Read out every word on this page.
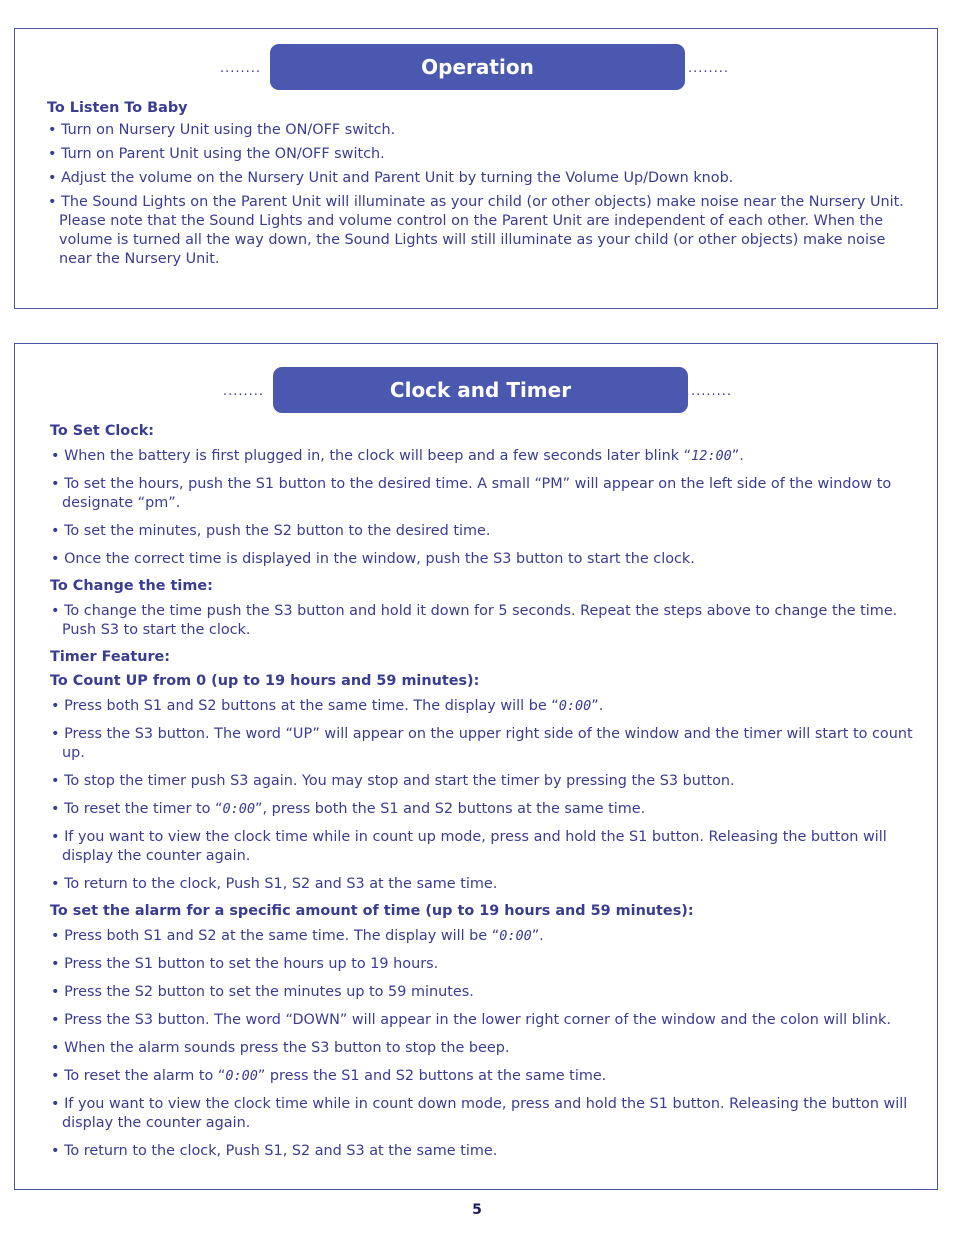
........	Operation	........

To Listen To Baby

• Turn on Nursery Unit using the ON/OFF switch.

• Turn on Parent Unit using the ON/OFF switch.

• Adjust the volume on the Nursery Unit and Parent Unit by turning the Volume Up/Down knob.

• The Sound Lights on the Parent Unit will illuminate as your child (or other objects) make noise near the Nursery Unit. Please note that the Sound Lights and volume control on the Parent Unit are independent of each other. When the volume is turned all the way down, the Sound Lights will still illuminate as your child (or other objects) make noise near the Nursery Unit.

........	Clock and Timer	........

To Set Clock:

• When the battery is first plugged in, the clock will beep and a few seconds later blink “12:00”.

• To set the hours, push the S1 button to the desired time. A small “PM” will appear on the left side of the window to designate “pm”.

• To set the minutes, push the S2 button to the desired time.

• Once the correct time is displayed in the window, push the S3 button to start the clock.

To Change the time:

• To change the time push the S3 button and hold it down for 5 seconds. Repeat the steps above to change the time. Push S3 to start the clock.

Timer Feature:

To Count UP from 0 (up to 19 hours and 59 minutes):

• Press both S1 and S2 buttons at the same time. The display will be “0:00”.

• Press the S3 button. The word “UP” will appear on the upper right side of the window and the timer will start to count up.

• To stop the timer push S3 again. You may stop and start the timer by pressing the S3 button.

• To reset the timer to “0:00”, press both the S1 and S2 buttons at the same time.

• If you want to view the clock time while in count up mode, press and hold the S1 button. Releasing the button will display the counter again.

• To return to the clock, Push S1, S2 and S3 at the same time.

To set the alarm for a specific amount of time (up to 19 hours and 59 minutes):

• Press both S1 and S2 at the same time. The display will be “0:00”.

• Press the S1 button to set the hours up to 19 hours.

• Press the S2 button to set the minutes up to 59 minutes.

• Press the S3 button. The word “DOWN” will appear in the lower right corner of the window and the colon will blink.

• When the alarm sounds press the S3 button to stop the beep.

• To reset the alarm to “0:00” press the S1 and S2 buttons at the same time.

• If you want to view the clock time while in count down mode, press and hold the S1 button. Releasing the button will display the counter again.

• To return to the clock, Push S1, S2 and S3 at the same time.

5
